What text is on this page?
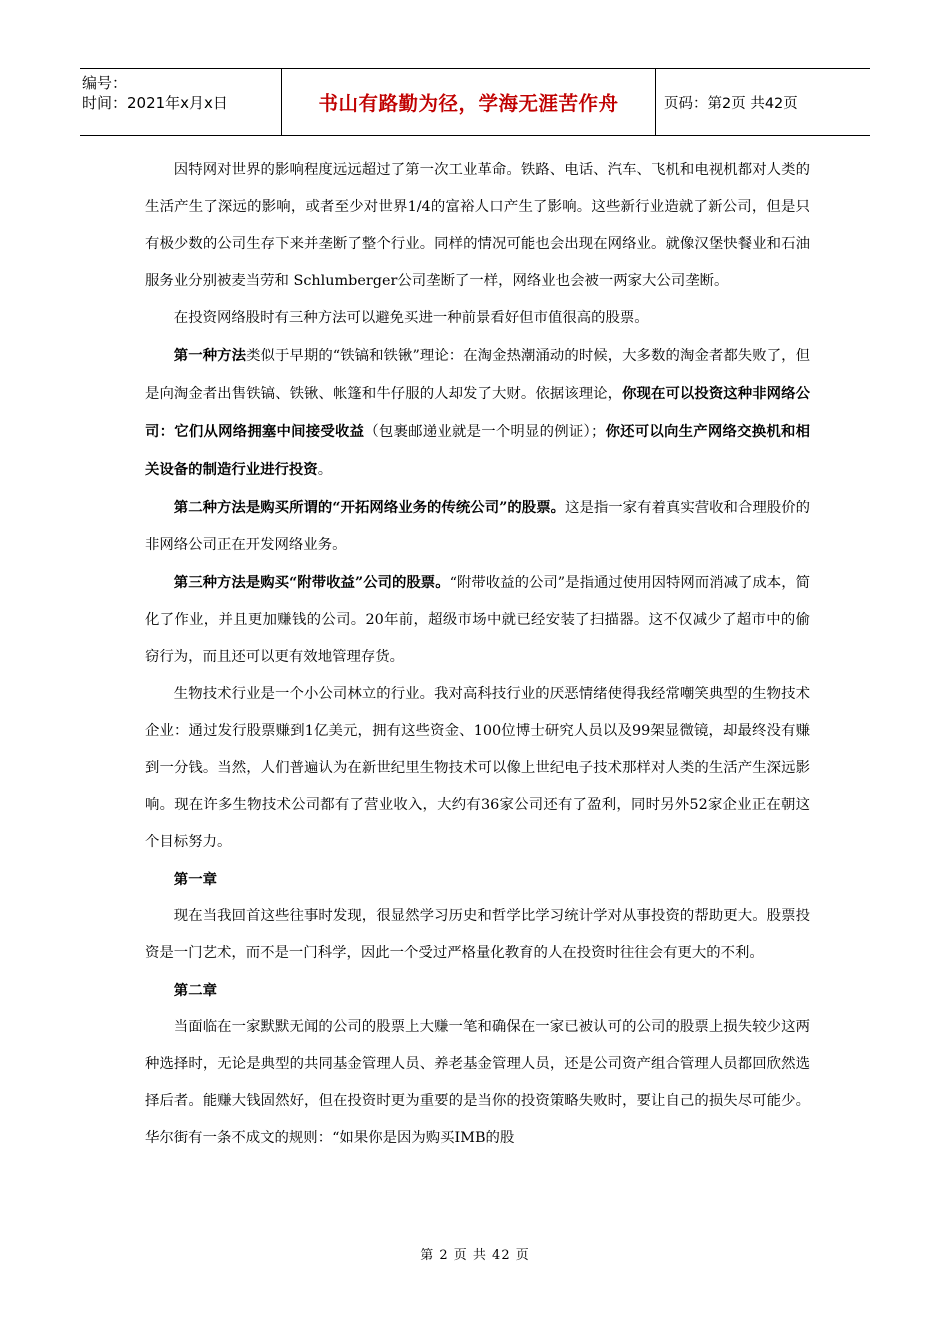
编号：
时间：2021年x月x日	书山有路勤为径，学海无涯苦作舟	页码：第2页 共42页

因特网对世界的影响程度远远超过了第一次工业革命。铁路、电话、汽车、飞机和电视机都对人类的生活产生了深远的影响，或者至少对世界1/4的富裕人口产生了影响。这些新行业造就了新公司，但是只有极少数的公司生存下来并垄断了整个行业。同样的情况可能也会出现在网络业。就像汉堡快餐业和石油服务业分别被麦当劳和 Schlumberger公司垄断了一样，网络业也会被一两家大公司垄断。

在投资网络股时有三种方法可以避免买进一种前景看好但市值很高的股票。

第一种方法类似于早期的“铁镐和铁锹”理论：在淘金热潮涌动的时候，大多数的淘金者都失败了，但是向淘金者出售铁镐、铁锹、帐篷和牛仔服的人却发了大财。依据该理论，你现在可以投资这种非网络公司：它们从网络拥塞中间接受收益（包裹邮递业就是一个明显的例证）；你还可以向生产网络交换机和相关设备的制造行业进行投资。

第二种方法是购买所谓的“开拓网络业务的传统公司”的股票。这是指一家有着真实营收和合理股价的非网络公司正在开发网络业务。

第三种方法是购买“附带收益”公司的股票。“附带收益的公司”是指通过使用因特网而消减了成本，简化了作业，并且更加赚钱的公司。20年前，超级市场中就已经安装了扫描器。这不仅减少了超市中的偷窃行为，而且还可以更有效地管理存货。

生物技术行业是一个小公司林立的行业。我对高科技行业的厌恶情绪使得我经常嘲笑典型的生物技术企业：通过发行股票赚到1亿美元，拥有这些资金、100位博士研究人员以及99架显微镜，却最终没有赚到一分钱。当然，人们普遍认为在新世纪里生物技术可以像上世纪电子技术那样对人类的生活产生深远影响。现在许多生物技术公司都有了营业收入，大约有36家公司还有了盈利，同时另外52家企业正在朝这个目标努力。

第一章

现在当我回首这些往事时发现，很显然学习历史和哲学比学习统计学对从事投资的帮助更大。股票投资是一门艺术，而不是一门科学，因此一个受过严格量化教育的人在投资时往往会有更大的不利。

第二章

当面临在一家默默无闻的公司的股票上大赚一笔和确保在一家已被认可的公司的股票上损失较少这两种选择时，无论是典型的共同基金管理人员、养老基金管理人员，还是公司资产组合管理人员都回欣然选择后者。能赚大钱固然好，但在投资时更为重要的是当你的投资策略失败时，要让自己的损失尽可能少。华尔街有一条不成文的规则：“如果你是因为购买IMB的股

第 2 页 共 42 页
